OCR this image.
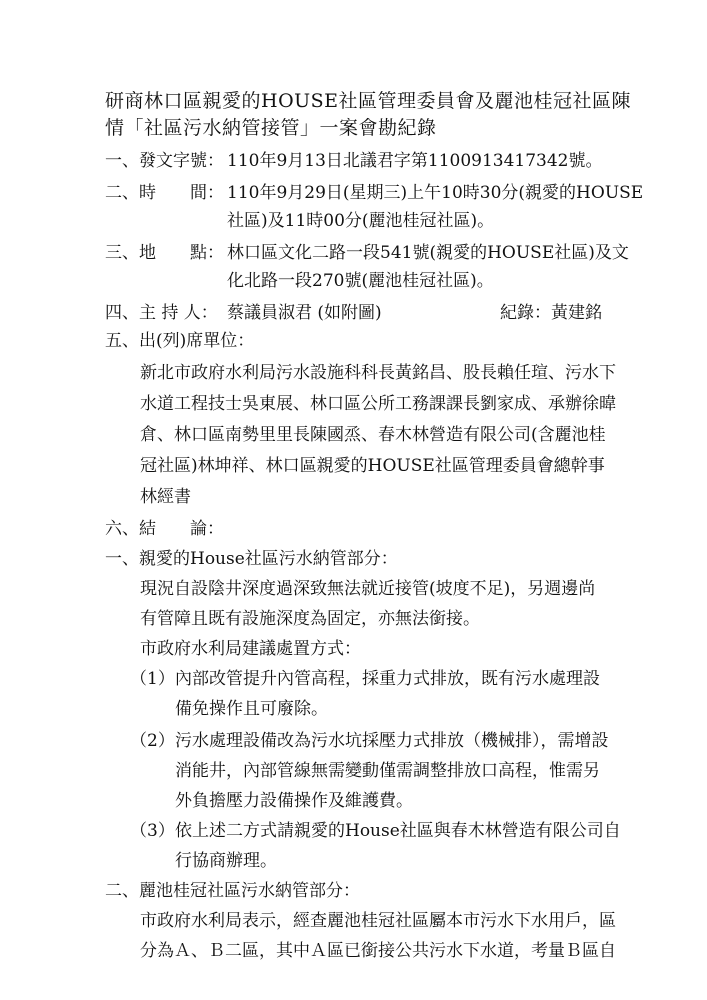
研商林口區親愛的HOUSE社區管理委員會及麗池桂冠社區陳
情「社區污水納管接管」一案會勘紀錄
一、發文字號： 110年9月13日北議君字第1100913417342號。
二、時　　間： 110年9月29日(星期三)上午10時30分(親愛的HOUSE
社區)及11時00分(麗池桂冠社區)。
三、地　　點： 林口區文化二路一段541號(親愛的HOUSE社區)及文
化北路一段270號(麗池桂冠社區)。
四、主 持 人： 蔡議員淑君 (如附圖)	紀錄：黃建銘
五、出(列)席單位：
新北市政府水利局污水設施科科長黃銘昌、股長賴任瑄、污水下
水道工程技士吳東展、林口區公所工務課課長劉家成、承辦徐暐
倉、林口區南勢里里長陳國烝、春木林營造有限公司(含麗池桂
冠社區)林坤祥、林口區親愛的HOUSE社區管理委員會總幹事
林經書
六、結　　論：
一、親愛的House社區污水納管部分：
現況自設陰井深度過深致無法就近接管(坡度不足)，另週邊尚
有管障且既有設施深度為固定，亦無法銜接。
市政府水利局建議處置方式：
（1） 內部改管提升內管高程，採重力式排放，既有污水處理設
備免操作且可廢除。
（2） 污水處理設備改為污水坑採壓力式排放（機械排），需增設
消能井，內部管線無需變動僅需調整排放口高程，惟需另
外負擔壓力設備操作及維護費。
（3） 依上述二方式請親愛的House社區與春木林營造有限公司自
行協商辦理。
二、麗池桂冠社區污水納管部分：
市政府水利局表示，經查麗池桂冠社區屬本市污水下水用戶，區
分為Ａ、Ｂ二區，其中Ａ區已銜接公共污水下水道，考量Ｂ區自
